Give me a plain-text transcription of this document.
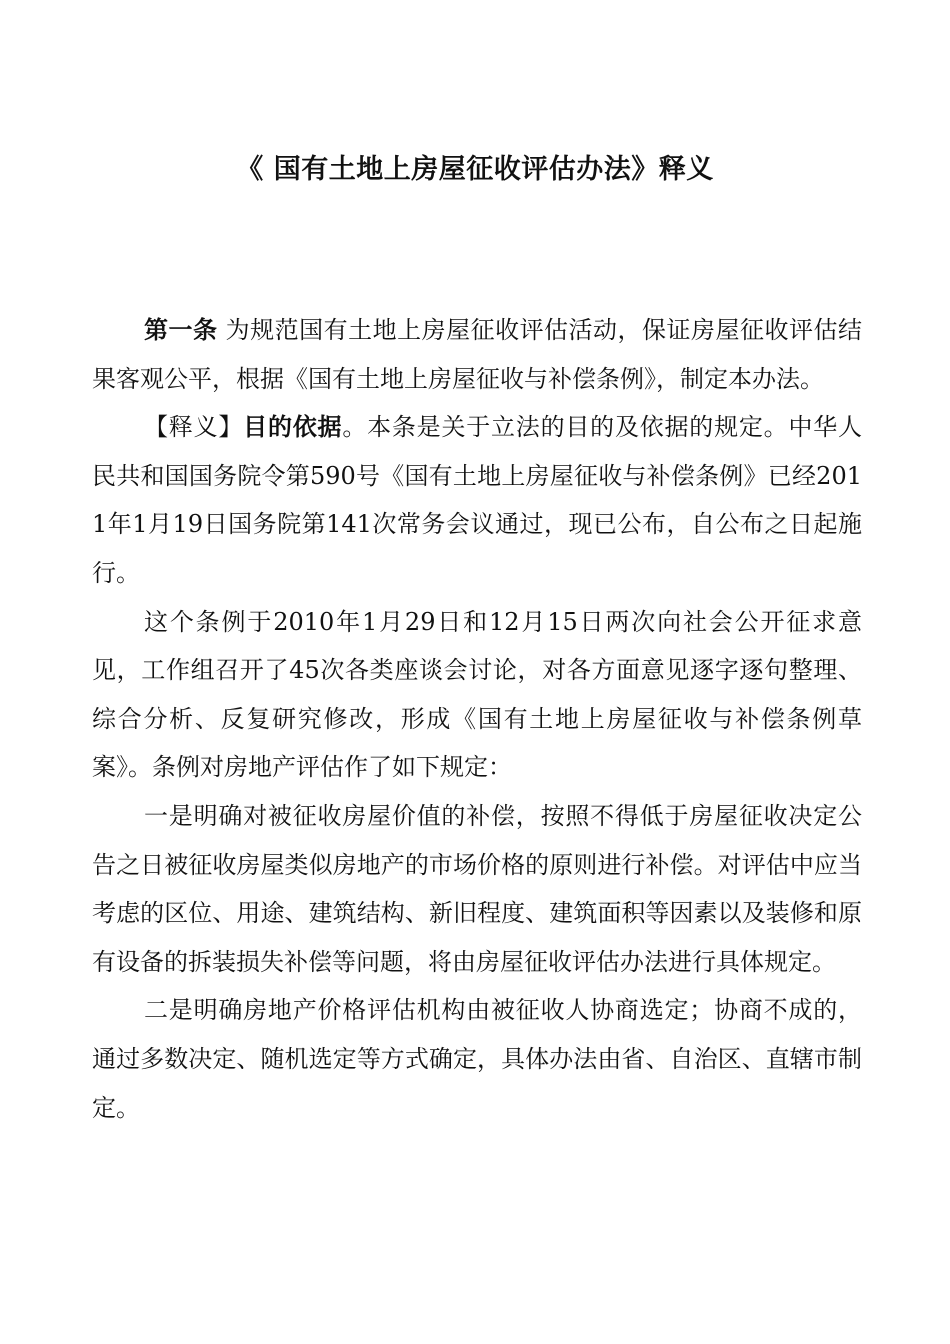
《 国有土地上房屋征收评估办法》释义

第一条 为规范国有土地上房屋征收评估活动，保证房屋征收评估结果客观公平，根据《国有土地上房屋征收与补偿条例》，制定本办法。

【释义】目的依据。本条是关于立法的目的及依据的规定。中华人民共和国国务院令第590号《国有土地上房屋征收与补偿条例》已经2011年1月19日国务院第141次常务会议通过，现已公布，自公布之日起施行。

这个条例于2010年1月29日和12月15日两次向社会公开征求意见，工作组召开了45次各类座谈会讨论，对各方面意见逐字逐句整理、综合分析、反复研究修改，形成《国有土地上房屋征收与补偿条例草案》。条例对房地产评估作了如下规定：

一是明确对被征收房屋价值的补偿，按照不得低于房屋征收决定公告之日被征收房屋类似房地产的市场价格的原则进行补偿。对评估中应当考虑的区位、用途、建筑结构、新旧程度、建筑面积等因素以及装修和原有设备的拆装损失补偿等问题，将由房屋征收评估办法进行具体规定。

二是明确房地产价格评估机构由被征收人协商选定；协商不成的，通过多数决定、随机选定等方式确定，具体办法由省、自治区、直辖市制定。
